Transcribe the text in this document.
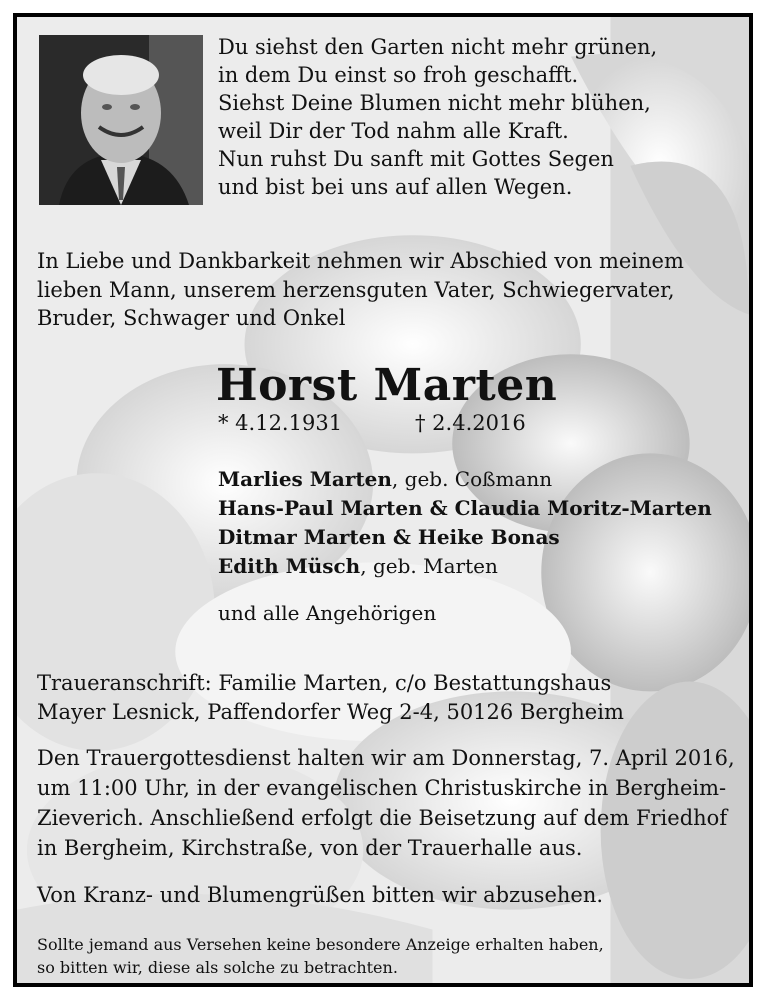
Du siehst den Garten nicht mehr grünen,
in dem Du einst so froh geschafft.
Siehst Deine Blumen nicht mehr blühen,
weil Dir der Tod nahm alle Kraft.
Nun ruhst Du sanft mit Gottes Segen
und bist bei uns auf allen Wegen.
In Liebe und Dankbarkeit nehmen wir Abschied von meinem
lieben Mann, unserem herzensguten Vater, Schwiegervater,
Bruder, Schwager und Onkel
Horst Marten
* 4.12.1931	† 2.4.2016
Marlies Marten, geb. Coßmann
Hans-Paul Marten & Claudia Moritz-Marten
Ditmar Marten & Heike Bonas
Edith Müsch, geb. Marten
und alle Angehörigen
Traueranschrift: Familie Marten, c/o Bestattungshaus
Mayer Lesnick, Paffendorfer Weg 2-4, 50126 Bergheim
Den Trauergottesdienst halten wir am Donnerstag, 7. April 2016,
um 11:00 Uhr, in der evangelischen Christuskirche in Bergheim-
Zieverich. Anschließend erfolgt die Beisetzung auf dem Friedhof
in Bergheim, Kirchstraße, von der Trauerhalle aus.
Von Kranz- und Blumengrüßen bitten wir abzusehen.
Sollte jemand aus Versehen keine besondere Anzeige erhalten haben,
so bitten wir, diese als solche zu betrachten.
